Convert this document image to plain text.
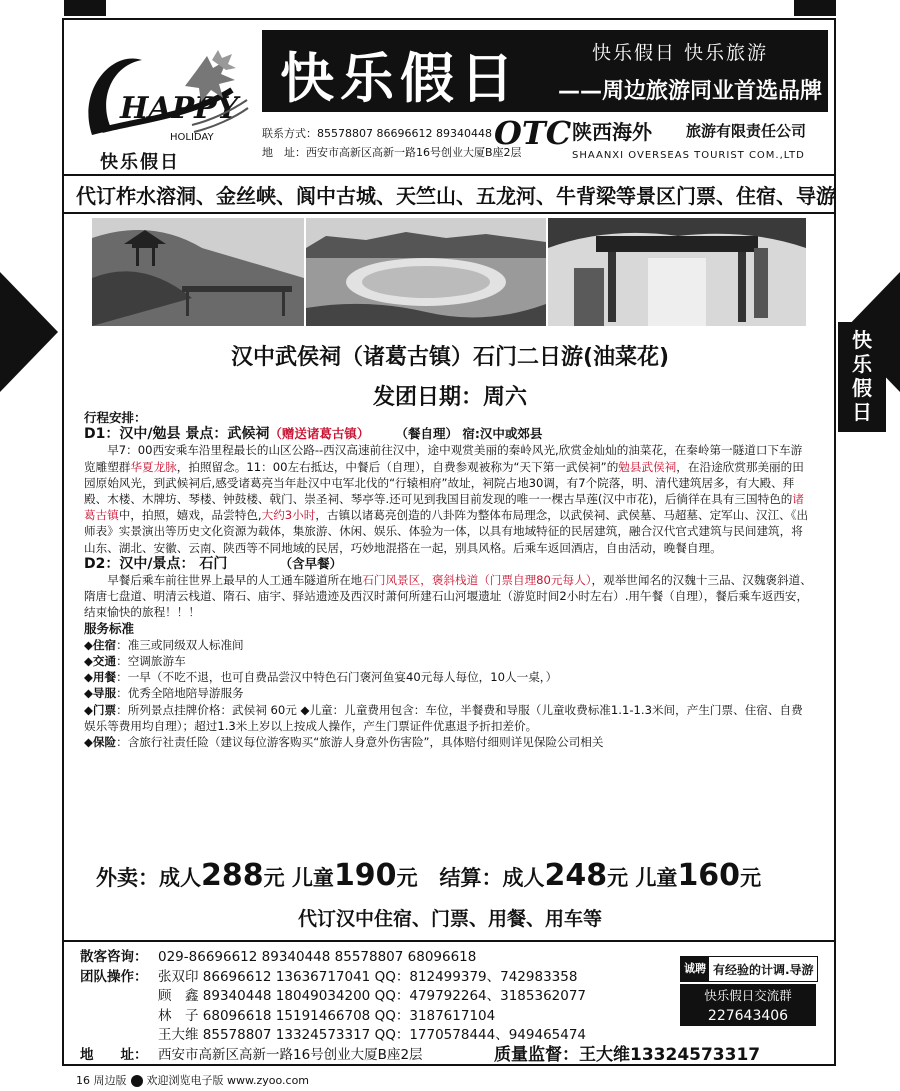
快
乐
假
日
HAPPY
HOLIDAY
快乐假日
快乐假日	快乐假日 快乐旅游
——周边旅游同业首选品牌
联系方式：85578807 86696612 89340448
地　址：西安市高新区高新一路16号创业大厦B座2层
OTC 陕西海外 旅游有限责任公司
SHAANXI OVERSEAS TOURIST COM.,LTD
代订柞水溶洞、金丝峡、阆中古城、天竺山、五龙河、牛背梁等景区门票、住宿、导游
汉中武侯祠（诸葛古镇）石门二日游(油菜花)
发团日期：周六

行程安排：

D1：汉中/勉县 景点：武候祠（赠送诸葛古镇） （餐自理） 宿:汉中或郊县

早7：00西安乘车沿里程最长的山区公路--西汉高速前往汉中，途中观赏美丽的秦岭风光,欣赏金灿灿的油菜花，在秦岭第一隧道口下车游览雕塑群华夏龙脉，拍照留念。11：00左右抵达，中餐后（自理），自费参观被称为“天下第一武侯祠”的勉县武侯祠，在沿途欣赏那美丽的田园原始风光，到武候祠后,感受诸葛亮当年赴汉中屯军北伐的“行辕相府”故址，祠院占地30调，有7个院落，明、清代建筑居多，有大殿、拜殿、木楼、木牌坊、琴楼、钟鼓楼、戟门、崇圣祠、琴亭等.还可见到我国目前发现的唯一一棵古旱莲(汉中市花)，后徜徉在具有三国特色的诸葛古镇中，拍照，嬉戏，品尝特色,大约3小时，古镇以诸葛亮创造的八卦阵为整体布局理念，以武侯祠、武侯墓、马超墓、定军山、汉江、《出师表》实景演出等历史文化资源为载体，集旅游、休闲、娱乐、体验为一体，以具有地域特征的民居建筑，融合汉代官式建筑与民间建筑，将山东、湖北、安徽、云南、陕西等不同地域的民居，巧妙地混搭在一起，别具风格。后乘车返回酒店，自由活动，晚餐自理。

D2：汉中/景点： 石门	（含早餐）

早餐后乘车前往世界上最早的人工通车隧道所在地石门风景区，褒斜栈道（门票自理80元每人），观举世闻名的汉魏十三品、汉魏褒斜道、隋唐七盘道、明清云栈道、隋石、庙宇、驿站遗迹及西汉时萧何所建石山河堰遗址（游览时间2小时左右）.用午餐（自理），餐后乘车返西安，结束愉快的旅程！！！

服务标准

◆住宿：准三或同级双人标准间

◆交通：空调旅游车

◆用餐：一早（不吃不退，也可自费品尝汉中特色石门褒河鱼宴40元每人每位，10人一桌，）

◆导服：优秀全陪地陪导游服务

◆门票：所列景点挂牌价格：武侯祠 60元 ◆儿童：儿童费用包含：车位，半餐费和导服（儿童收费标准1.1-1.3米间，产生门票、住宿、自费娱乐等费用均自理）；超过1.3米上岁以上按成人操作，产生门票证件优惠退予折扣差价。

◆保险：含旅行社责任险（建议每位游客购买“旅游人身意外伤害险”，具体赔付细则详见保险公司相关

外卖：成人288元 儿童190元 结算：成人248元 儿童160元
代订汉中住宿、门票、用餐、用车等
散客咨询： 029-86696612 89340448 85578807 68096618
团队操作： 张双印 86696612 13636717041 QQ：812499379、742983358
顾　鑫 89340448 18049034200 QQ：479792264、3185362077
林　子 68096618 15191466708 QQ：3187617104
王大维 85578807 13324573317 QQ：1770578444、949465474
地　　址： 西安市高新区高新一路16号创业大厦B座2层	质量监督：王大维13324573317
诚聘 有经验的计调.导游
快乐假日交流群
227643406
16 周边版 欢迎浏览电子版 www.zyoo.com
